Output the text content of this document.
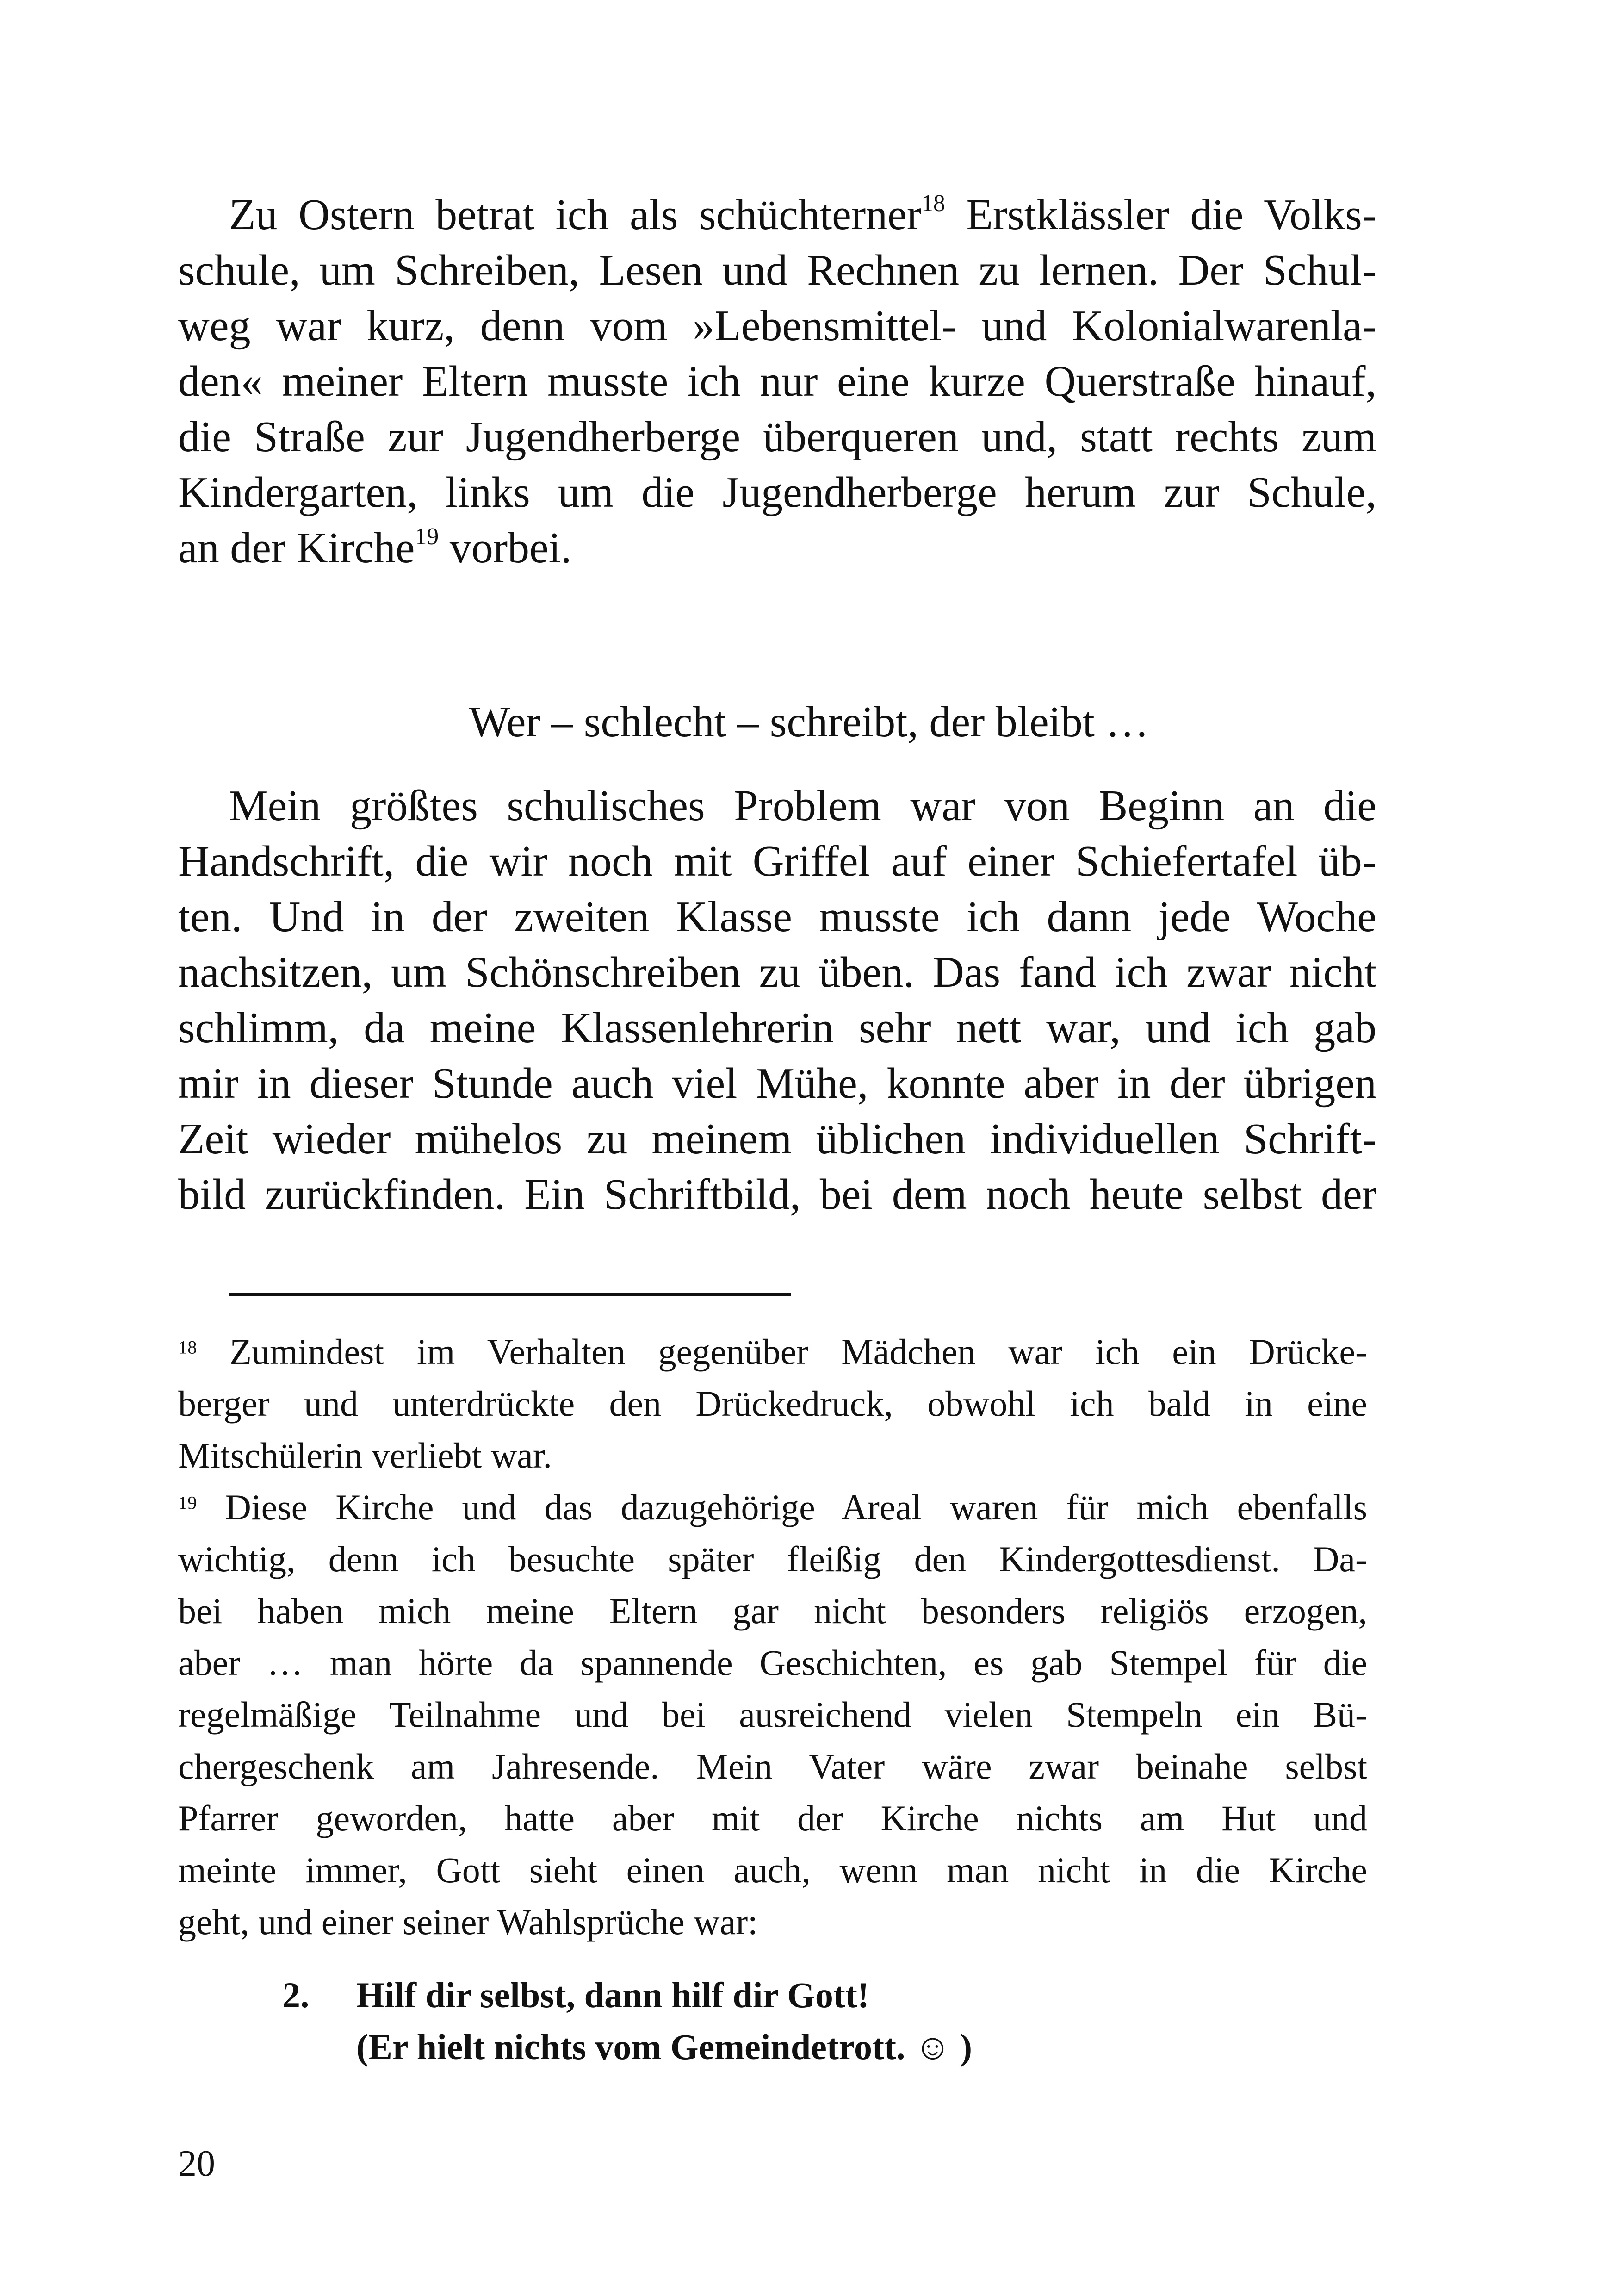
Zu Ostern betrat ich als schüchterner$^{18}$ Erstklässler die Volks-
schule, um Schreiben, Lesen und Rechnen zu lernen. Der Schul-
weg war kurz, denn vom »Lebensmittel- und Kolonialwarenla-
den« meiner Eltern musste ich nur eine kurze Querstraße hinauf,
die Straße zur Jugendherberge überqueren und, statt rechts zum
Kindergarten, links um die Jugendherberge herum zur Schule,
an der Kirche$^{19}$ vorbei.
Wer – schlecht – schreibt, der bleibt …
Mein größtes schulisches Problem war von Beginn an die
Handschrift, die wir noch mit Griffel auf einer Schiefertafel üb-
ten. Und in der zweiten Klasse musste ich dann jede Woche
nachsitzen, um Schönschreiben zu üben. Das fand ich zwar nicht
schlimm, da meine Klassenlehrerin sehr nett war, und ich gab
mir in dieser Stunde auch viel Mühe, konnte aber in der übrigen
Zeit wieder mühelos zu meinem üblichen individuellen Schrift-
bild zurückfinden. Ein Schriftbild, bei dem noch heute selbst der
$^{18}$ Zumindest im Verhalten gegenüber Mädchen war ich ein Drücke-
berger und unterdrückte den Drückedruck, obwohl ich bald in eine
Mitschülerin verliebt war.
$^{19}$ Diese Kirche und das dazugehörige Areal waren für mich ebenfalls
wichtig, denn ich besuchte später fleißig den Kindergottesdienst. Da-
bei haben mich meine Eltern gar nicht besonders religiös erzogen,
aber … man hörte da spannende Geschichten, es gab Stempel für die
regelmäßige Teilnahme und bei ausreichend vielen Stempeln ein Bü-
chergeschenk am Jahresende. Mein Vater wäre zwar beinahe selbst
Pfarrer geworden, hatte aber mit der Kirche nichts am Hut und
meinte immer, Gott sieht einen auch, wenn man nicht in die Kirche
geht, und einer seiner Wahlsprüche war:
2. Hilf dir selbst, dann hilf dir Gott!
(Er hielt nichts vom Gemeindetrott. ☺ )
20
